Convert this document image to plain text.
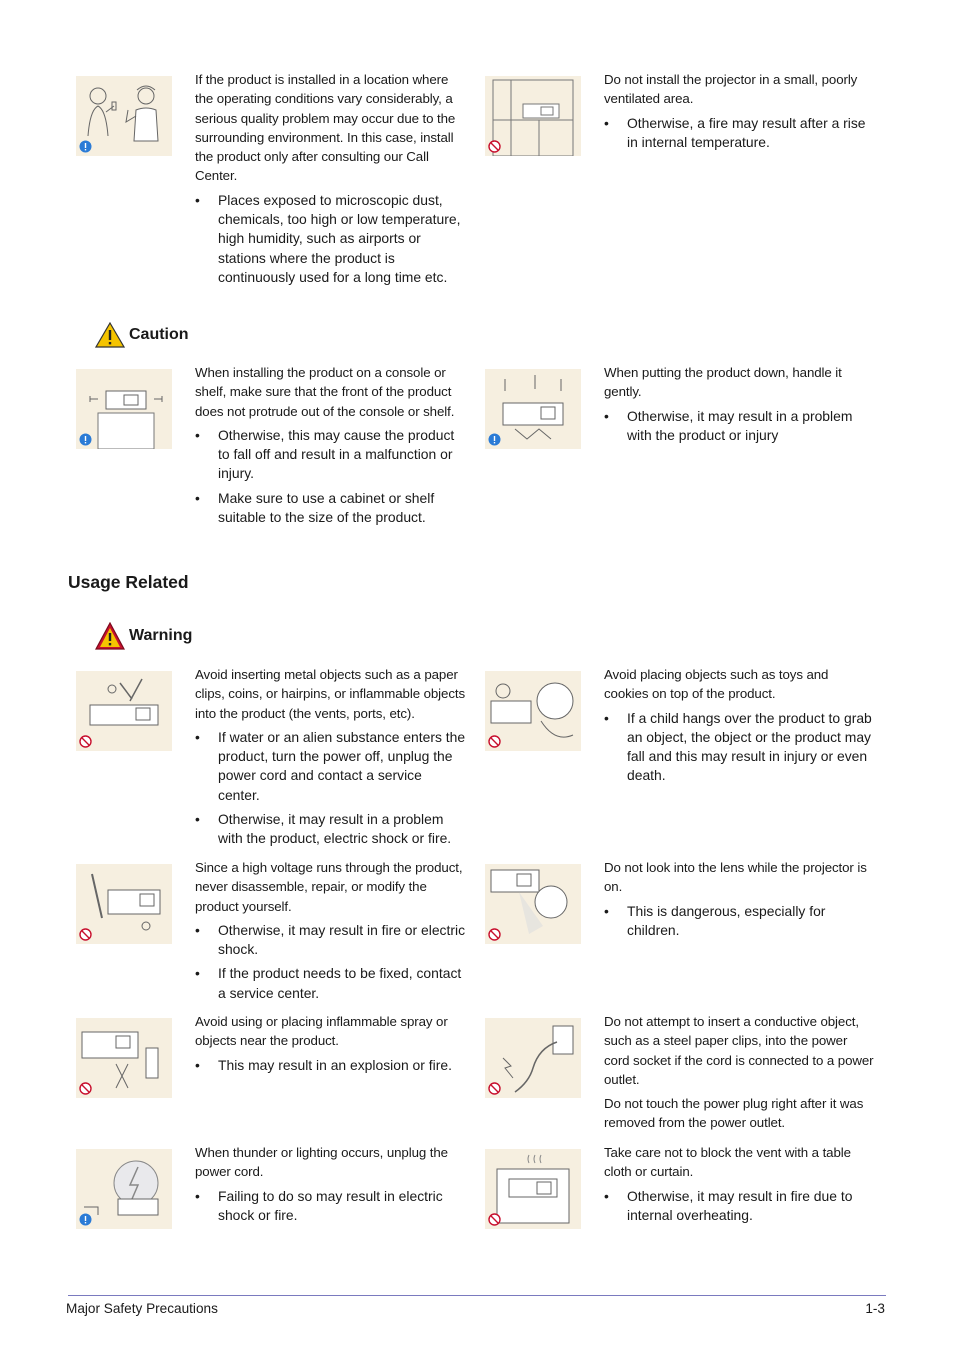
If the product is installed in a location where the operating conditions vary considerably, a serious quality problem may occur due to the surrounding environment. In this case, install the product only after consulting our Call Center.

• Places exposed to microscopic dust, chemicals, too high or low temperature, high humidity, such as airports or stations where the product is continuously used for a long time etc.

Do not install the projector in a small, poorly ventilated area.

• Otherwise, a fire may result after a rise in internal temperature.
Caution

When installing the product on a console or shelf, make sure that the front of the product does not protrude out of the console or shelf.

• Otherwise, this may cause the product to fall off and result in a malfunction or injury.
• Make sure to use a cabinet or shelf suitable to the size of the product.

When putting the product down, handle it gently.

• Otherwise, it may result in a problem with the product or injury
Usage Related
Warning

Avoid inserting metal objects such as a paper clips, coins, or hairpins, or inflammable objects into the product (the vents, ports, etc).

• If water or an alien substance enters the product, turn the power off, unplug the power cord and contact a service center.
• Otherwise, it may result in a problem with the product, electric shock or fire.

Avoid placing objects such as toys and cookies on top of the product.

• If a child hangs over the product to grab an object, the object or the product may fall and this may result in injury or even death.

Since a high voltage runs through the product, never disassemble, repair, or modify the product yourself.

• Otherwise, it may result in fire or electric shock.
• If the product needs to be fixed, contact a service center.

Do not look into the lens while the projector is on.

• This is dangerous, especially for children.

Avoid using or placing inflammable spray or objects near the product.

• This may result in an explosion or fire.

Do not attempt to insert a conductive object, such as a steel paper clips, into the power cord socket if the cord is connected to a power outlet.

Do not touch the power plug right after it was removed from the power outlet.

When thunder or lighting occurs, unplug the power cord.

• Failing to do so may result in electric shock or fire.

Take care not to block the vent with a table cloth or curtain.

• Otherwise, it may result in fire due to internal overheating.
Major Safety Precautions	1-3
